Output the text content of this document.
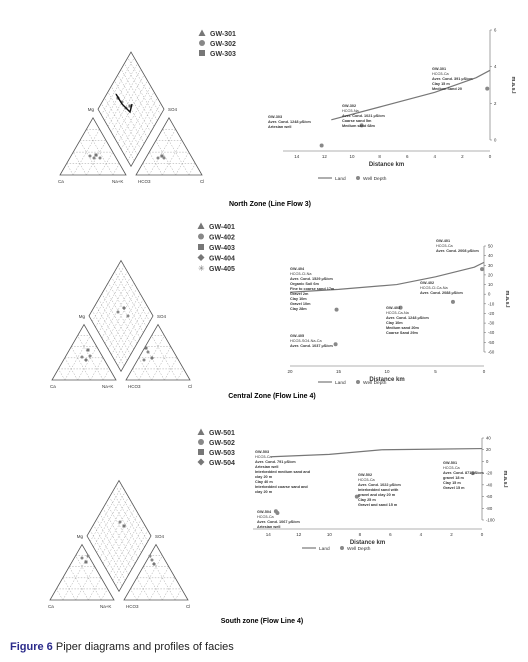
Ca	Cl
Na+K	HCO3
Mg	SO4
GW-301
GW-302
GW-303
6
4
2
0
m.a.s.l
14	12	10	8	6	4	2	0
Distance km
Land	Well Depth
GW-301
HCO3-Ca
Aver. Cond. 391 µS/cm
Clay 15 m
Medium Sand 20
GW-302
HCO3-Na
Aver. Cond. 1021 µS/cm
Coarse sand 5m
Medium sand 68m
GW-303
Aver. Cond. 1248 µS/cm
Artesian well
North Zone (Line Flow 3)
Ca	Cl
Na+K	HCO3
Mg	SO4
GW-401
GW-402
GW-403
GW-404
✳ GW-405
50
40
30
20
10
0
-10
-20
-30
-40
-50
-60
m.a.s.l
20	15	10	5	0
Distance km
Land	Well Depth
GW-401
HCO3-Ca
Aver. Cond. 2008 µS/cm
GW-402
HCO3-Cl-Ca-Na
Aver. Cond. 2088 µS/cm
GW-403
HCO3-Ca-Na
Aver. Cond. 1248 µS/cm
Clay 10m
Medium sand 20m
Coarse Sand 29m
GW-404
HCO3-Cl-Na
Aver. Cond. 1529 µS/cm
Organic Soil 6m
Fine to coarse sand 17m
Gravel 2m
Clay 10m
Gravel 10m
Clay 28m
GW-405
HCO3-SO4-Na-Ca
Aver. Cond. 1037 µS/cm
Central Zone (Flow Line 4)
Ca	Cl
Na+K	HCO3
Mg	SO4
GW-501
GW-502
GW-503
GW-504
40
20
0
-20
-40
-60
-80
-100
m.a.s.l
14	12	10	8	6	4	2	0
Distance km
Land	Well Depth
GW-501
HCO3-Ca
Aver. Cond. 871 µS/cm
gravel 18 m
Clay 15 m
Gravel 15 m
GW-502
HCO3-Ca
Aver. Cond. 1022 µS/cm
Interbedded sand with
gravel and clay 20 m
Clay 25 m
Gravel and sand 15 m
GW-503
HCO3-Ca
Aver. Cond. 791 µS/cm
Artesian well
Interbedded medium sand and
clay 20 m
Clay 40 m
Interbedded coarse sand and
clay 20 m
GW-504
HCO3-Ca
Aver. Cond. 1067 µS/cm
Artesian well
South zone (Flow Line 4)
Figure 6 Piper diagrams and profiles of facies
